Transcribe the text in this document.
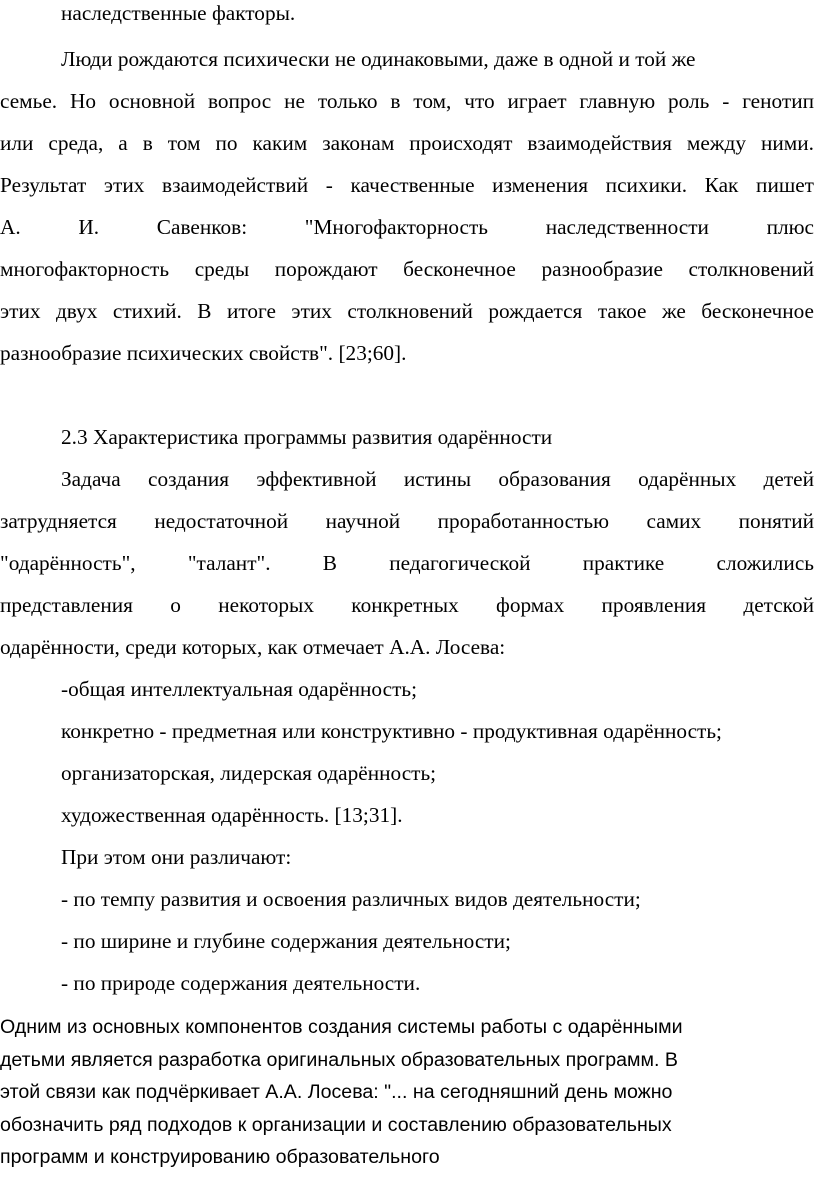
наследственные факторы.

Люди рождаются психически не одинаковыми, даже в одной и той же

семье. Но основной вопрос не только в том, что играет главную роль - генотип

или среда, а в том по каким законам происходят взаимодействия между ними.

Результат этих взаимодействий - качественные изменения психики. Как пишет

А. И. Савенков: "Многофакторность наследственности плюс

многофакторность среды порождают бесконечное разнообразие столкновений

этих двух стихий. В итоге этих столкновений рождается такое же бесконечное

разнообразие психических свойств". [23;60].

2.3 Характеристика программы развития одарённости

Задача создания эффективной истины образования одарённых детей

затрудняется недостаточной научной проработанностью самих понятий

"одарённость", "талант". В педагогической практике сложились

представления о некоторых конкретных формах проявления детской

одарённости, среди которых, как отмечает А.А. Лосева:

-общая интеллектуальная одарённость;

конкретно - предметная или конструктивно - продуктивная одарённость;

организаторская, лидерская одарённость;

художественная одарённость. [13;31].

При этом они различают:

- по темпу развития и освоения различных видов деятельности;

- по ширине и глубине содержания деятельности;

- по природе содержания деятельности.

Одним из основных компонентов создания системы работы с одарёнными

детьми является разработка оригинальных образовательных программ. В

этой связи как подчёркивает А.А. Лосева: "... на сегодняшний день можно

обозначить ряд подходов к организации и составлению образовательных

программ и конструированию образовательного
